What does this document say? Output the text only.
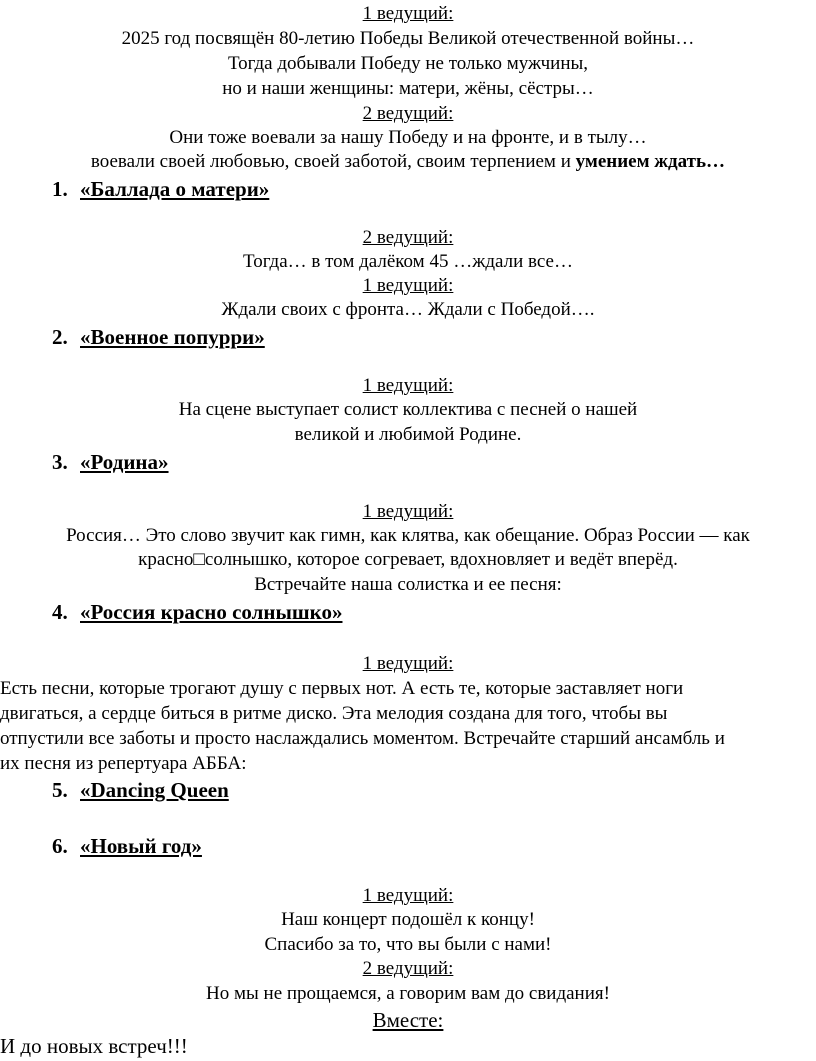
1 ведущий:
2025 год посвящён 80-летию Победы Великой отечественной войны…
Тогда добывали Победу не только мужчины,
но и наши женщины: матери, жёны, сёстры…
2 ведущий:
Они тоже воевали за нашу Победу и на фронте, и в тылу…
воевали своей любовью, своей заботой, своим терпением и умением ждать…
1. «Баллада о матери»
2 ведущий:
Тогда… в том далёком 45 …ждали все…
1 ведущий:
Ждали своих с фронта… Ждали с Победой….
2. «Военное попурри»
1 ведущий:
На сцене выступает солист коллектива с песней о нашей
великой и любимой Родине.
3. «Родина»
1 ведущий:
Россия… Это слово звучит как гимн, как клятва, как обещание. Образ России — как
красно□солнышко, которое согревает, вдохновляет и ведёт вперёд.
Встречайте наша солистка и ее песня:
4. «Россия красно солнышко»
1 ведущий:
Есть песни, которые трогают душу с первых нот. А есть те, которые заставляет ноги
двигаться, а сердце биться в ритме диско. Эта мелодия создана для того, чтобы вы
отпустили все заботы и просто наслаждались моментом. Встречайте старший ансамбль и
их песня из репертуара АББА:
5. «Dancing Queen
6. «Новый год»
1 ведущий:
Наш концерт подошёл к концу!
Спасибо за то, что вы были с нами!
2 ведущий:
Но мы не прощаемся, а говорим вам до свидания!
Вместе:
И до новых встреч!!!
